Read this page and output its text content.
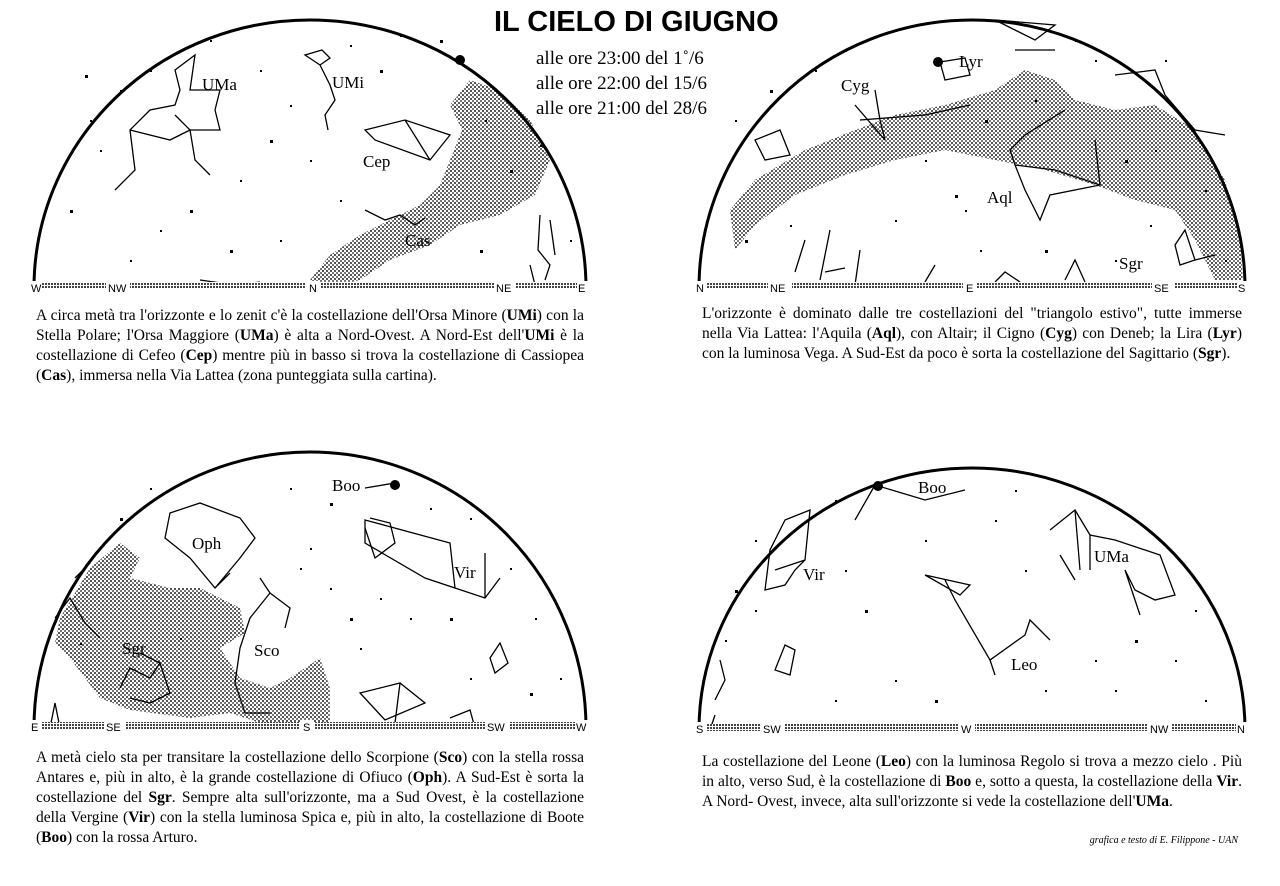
IL CIELO DI GIUGNO
alle ore 23:00 del 1˚/6
alle ore 22:00 del 15/6
alle ore 21:00 del 28/6
UMa	UMi
Cep
Cas
W	NW	N	NE	E
Lyr
Cyg
Aql
Sgr
N	NE	E	SE	S
Boo
Oph
Vir
Sgr	Sco
E	SE	S	SW	W
Boo
Vir
UMa
Leo
S	SW	W	NW	N
A circa metà tra l'orizzonte e lo zenit c'è la costellazione dell'Orsa Minore (UMi) con la Stella Polare; l'Orsa Maggiore (UMa) è alta a Nord-Ovest. A Nord-Est dell'UMi è la costellazione di Cefeo (Cep) mentre più in basso si trova la costellazione di Cassiopea (Cas), immersa nella Via Lattea (zona punteggiata sulla cartina).
L'orizzonte è dominato dalle tre costellazioni del "triangolo estivo", tutte immerse nella Via Lattea: l'Aquila (Aql), con Altair; il Cigno (Cyg) con Deneb; la Lira (Lyr) con la luminosa Vega. A Sud-Est da poco è sorta la costellazione del Sagittario (Sgr).
A metà cielo sta per transitare la costellazione dello Scorpione (Sco) con la stella rossa Antares e, più in alto, è la grande costellazione di Ofiuco (Oph). A Sud-Est è sorta la costellazione del Sgr. Sempre alta sull'orizzonte, ma a Sud Ovest, è la costellazione della Vergine (Vir) con la stella luminosa Spica e, più in alto, la costellazione di Boote (Boo) con la rossa Arturo.
La costellazione del Leone (Leo) con la luminosa Regolo si trova a mezzo cielo . Più in alto, verso Sud, è la costellazione di Boo e, sotto a questa, la costellazione della Vir. A Nord- Ovest, invece, alta sull'orizzonte si vede la costellazione dell'UMa.
grafica e testo di E. Filippone - UAN
